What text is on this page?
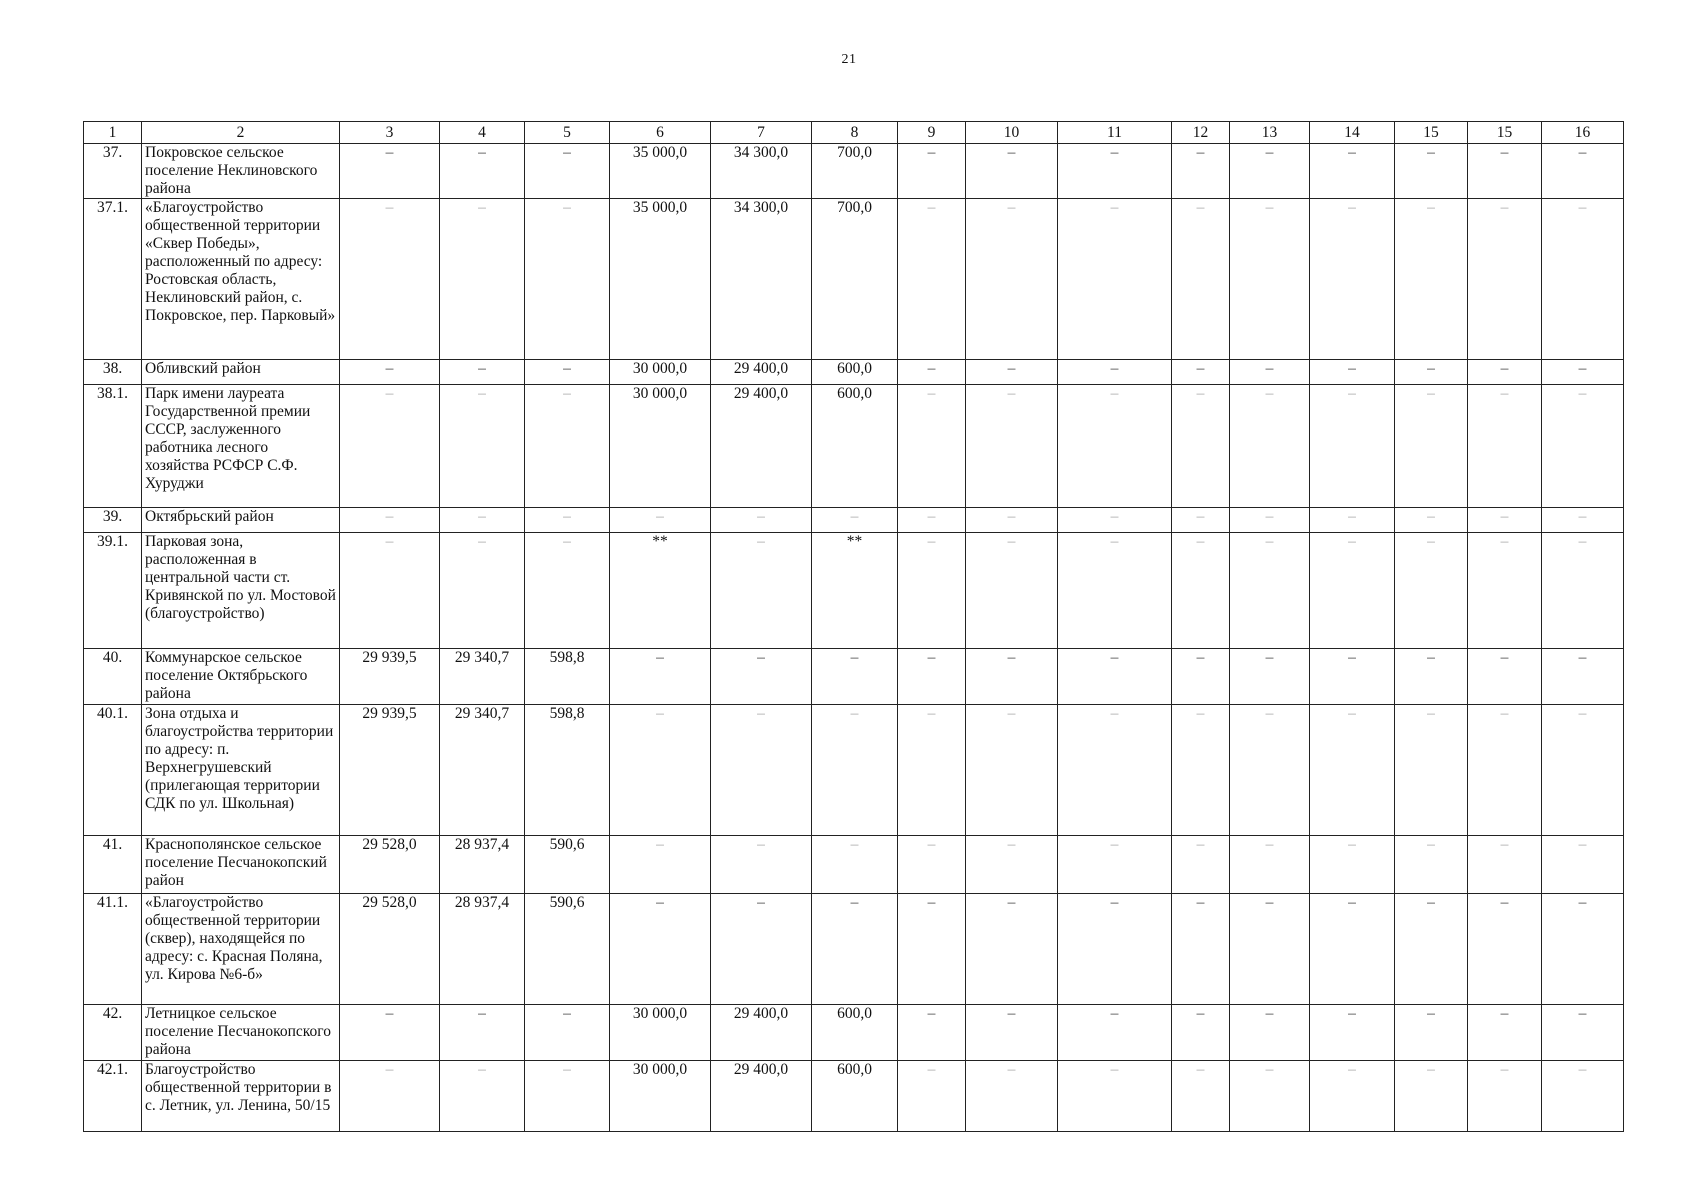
21
1	2	3	4	5	6	7	8	9	10	11	12	13	14	15	15	16
37.	Покровское сельское поселение Неклиновского района	–	–	–	35 000,0	34 300,0	700,0	–	–	–	–	–	–	–	–	–
37.1.	«Благоустройство общественной территории «Сквер Победы», расположенный по адресу: Ростовская область, Неклиновский район, с. Покровское, пер. Парковый»	–	–	–	35 000,0	34 300,0	700,0	–	–	–	–	–	–	–	–	–
38.	Обливский район	–	–	–	30 000,0	29 400,0	600,0	–	–	–	–	–	–	–	–	–
38.1.	Парк имени лауреата Государственной премии СССР, заслуженного работника лесного хозяйства РСФСР С.Ф. Хуруджи	–	–	–	30 000,0	29 400,0	600,0	–	–	–	–	–	–	–	–	–
39.	Октябрьский район	–	–	–	–	–	–	–	–	–	–	–	–	–	–	–
39.1.	Парковая зона, расположенная в центральной части ст. Кривянской по ул. Мостовой (благоустройство)	–	–	–	**	–	**	–	–	–	–	–	–	–	–	–
40.	Коммунарское сельское поселение Октябрьского района	29 939,5	29 340,7	598,8	–	–	–	–	–	–	–	–	–	–	–	–
40.1.	Зона отдыха и благоустройства территории по адресу: п. Верхнегрушевский (прилегающая территории СДК по ул. Школьная)	29 939,5	29 340,7	598,8	–	–	–	–	–	–	–	–	–	–	–	–
41.	Краснополянское сельское поселение Песчанокопский район	29 528,0	28 937,4	590,6	–	–	–	–	–	–	–	–	–	–	–	–
41.1.	«Благоустройство общественной территории (сквер), находящейся по адресу: с. Красная Поляна, ул. Кирова №6-б»	29 528,0	28 937,4	590,6	–	–	–	–	–	–	–	–	–	–	–	–
42.	Летницкое сельское поселение Песчанокопского района	–	–	–	30 000,0	29 400,0	600,0	–	–	–	–	–	–	–	–	–
42.1.	Благоустройство общественной территории в с. Летник, ул. Ленина, 50/15	–	–	–	30 000,0	29 400,0	600,0	–	–	–	–	–	–	–	–	–
